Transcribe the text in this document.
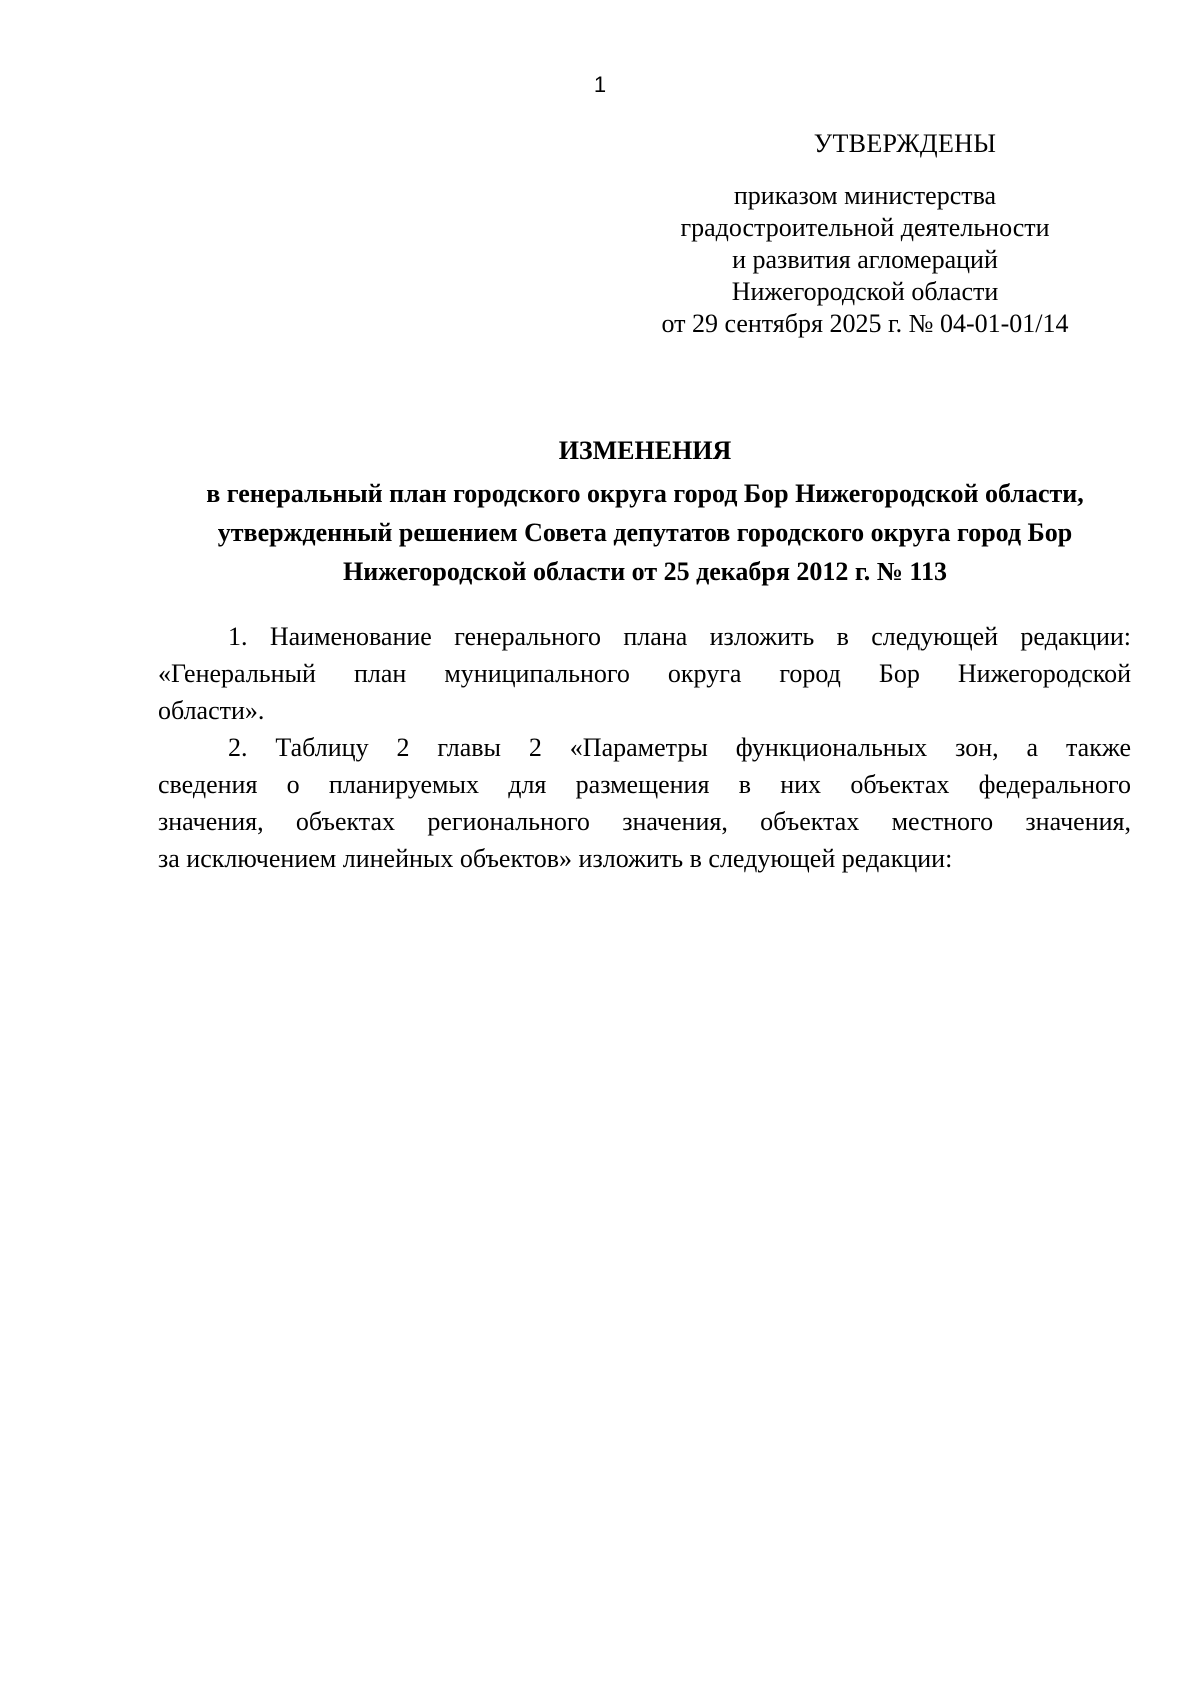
1
УТВЕРЖДЕНЫ
приказом министерства
градостроительной деятельности
и развития агломераций
Нижегородской области
от 29 сентября 2025 г. № 04-01-01/14
ИЗМЕНЕНИЯ
в генеральный план городского округа город Бор Нижегородской области,
утвержденный решением Совета депутатов городского округа город Бор
Нижегородской области от 25 декабря 2012 г. № 113
1. Наименование генерального плана изложить в следующей редакции:
«Генеральный план муниципального округа город Бор Нижегородской
области».
2. Таблицу 2 главы 2 «Параметры функциональных зон, а также
сведения о планируемых для размещения в них объектах федерального
значения, объектах регионального значения, объектах местного значения,
за исключением линейных объектов» изложить в следующей редакции:
